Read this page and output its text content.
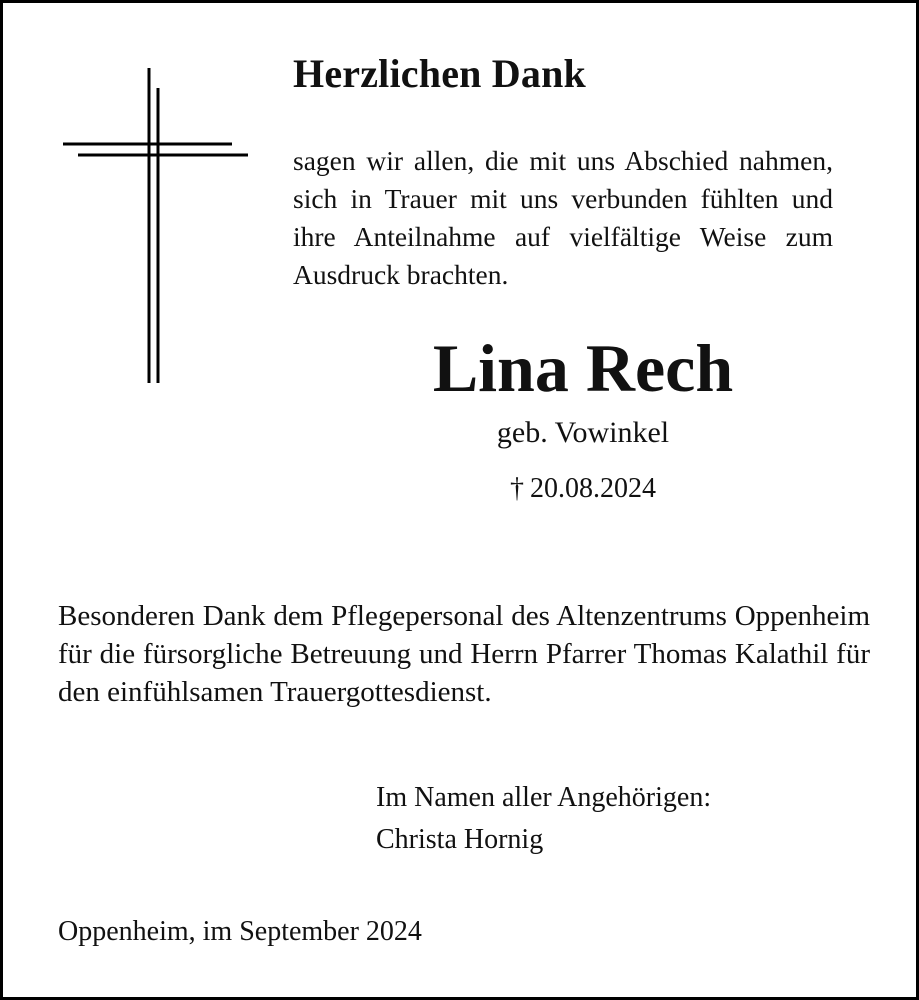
Herzlichen Dank

sagen wir allen, die mit uns Abschied nahmen, sich in Trauer mit uns verbunden fühlten und ihre Anteilnahme auf vielfältige Weise zum Ausdruck brachten.

Lina Rech

geb. Vowinkel

† 20.08.2024

Besonderen Dank dem Pflegepersonal des Altenzentrums Oppenheim für die fürsorgliche Betreuung und Herrn Pfarrer Thomas Kalathil für den einfühlsamen Trauergottesdienst.

Im Namen aller Angehörigen:
Christa Hornig

Oppenheim, im September 2024
